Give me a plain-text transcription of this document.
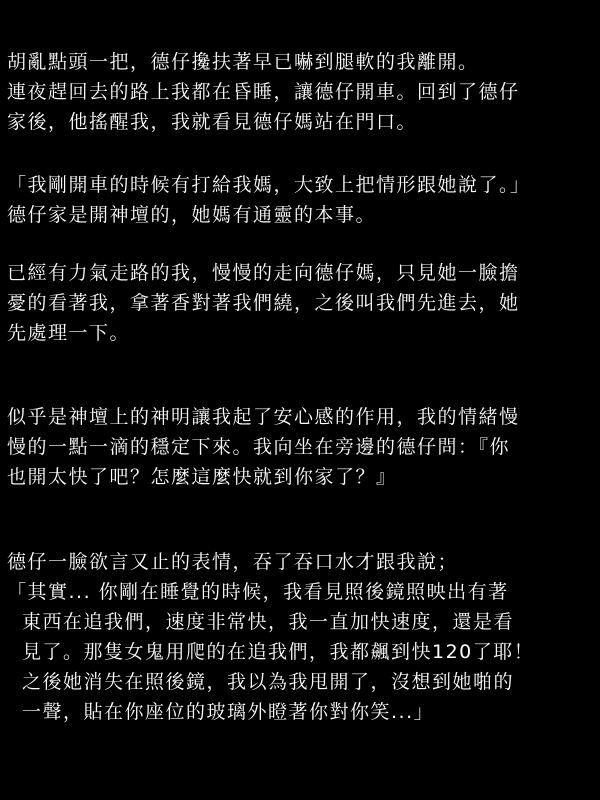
胡亂點頭一把，德仔攙扶著早已嚇到腿軟的我離開。
連夜趕回去的路上我都在昏睡，讓德仔開車。回到了德仔
家後，他搖醒我，我就看見德仔媽站在門口。
「我剛開車的時候有打給我媽，大致上把情形跟她說了。」
德仔家是開神壇的，她媽有通靈的本事。
已經有力氣走路的我，慢慢的走向德仔媽，只見她一臉擔
憂的看著我，拿著香對著我們繞，之後叫我們先進去，她
先處理一下。
似乎是神壇上的神明讓我起了安心感的作用，我的情緒慢
慢的一點一滴的穩定下來。我向坐在旁邊的德仔問：『你
也開太快了吧？怎麼這麼快就到你家了？』
德仔一臉欲言又止的表情，吞了吞口水才跟我說；
「其實... 你剛在睡覺的時候，我看見照後鏡照映出有著
東西在追我們，速度非常快，我一直加快速度，還是看
見了。那隻女鬼用爬的在追我們，我都飆到快120了耶！
之後她消失在照後鏡，我以為我甩開了，沒想到她啪的
一聲，貼在你座位的玻璃外瞪著你對你笑...」
